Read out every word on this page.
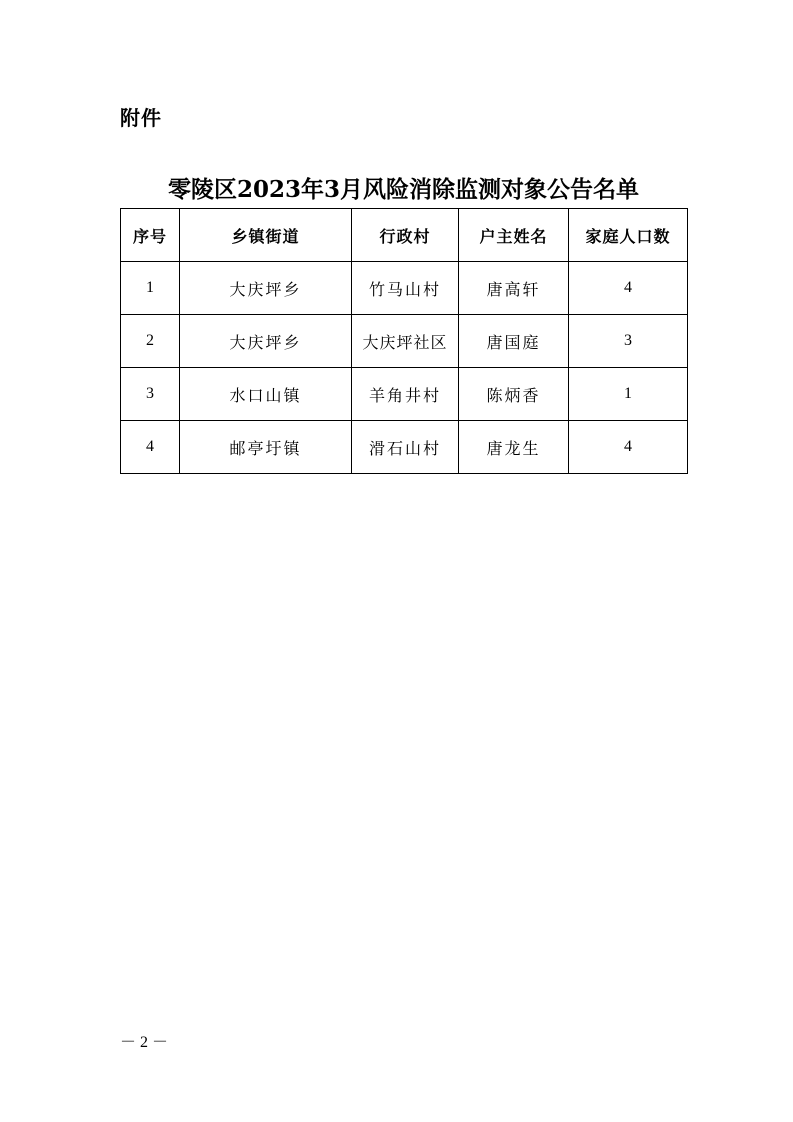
附件
零陵区2023年3月风险消除监测对象公告名单
序号	乡镇街道	行政村	户主姓名	家庭人口数
1	大庆坪乡	竹马山村	唐高轩	4
2	大庆坪乡	大庆坪社区	唐国庭	3
3	水口山镇	羊角井村	陈炳香	1
4	邮亭圩镇	滑石山村	唐龙生	4
－ 2 －
